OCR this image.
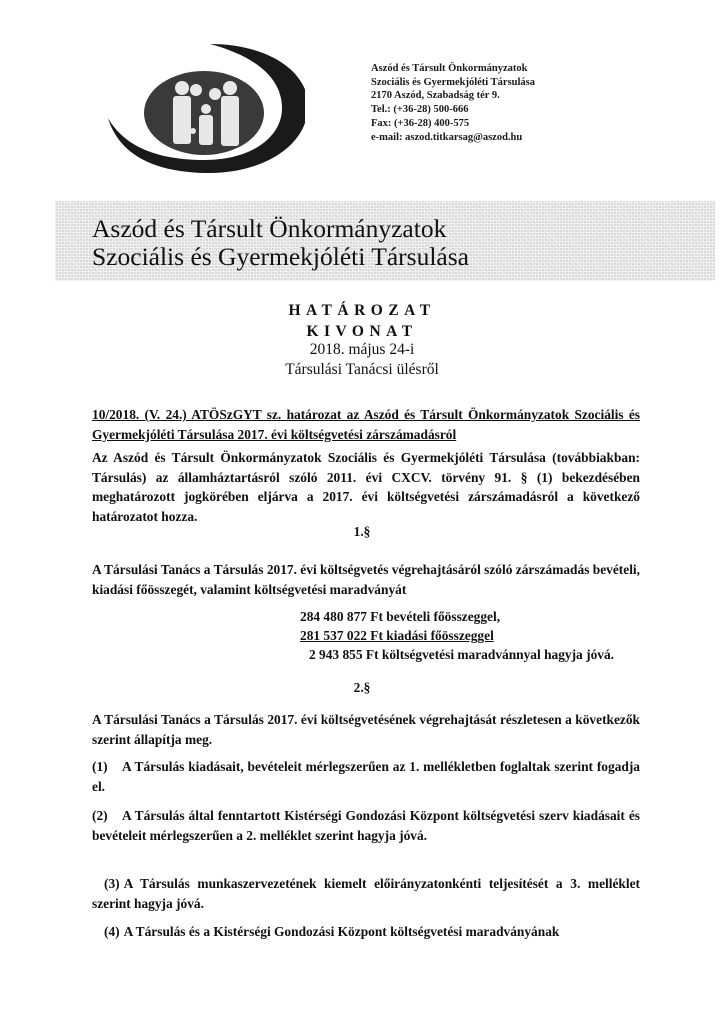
Aszód és Társult Önkormányzatok
Szociális és Gyermekjóléti Társulása
2170 Aszód, Szabadság tér 9.
Tel.: (+36-28) 500-666
Fax: (+36-28) 400-575
e-mail: aszod.titkarsag@aszod.hu
Aszód és Társult Önkormányzatok
Szociális és Gyermekjóléti Társulása
HATÁROZAT
KIVONAT
2018. május 24-i
Társulási Tanácsi ülésről
10/2018. (V. 24.) ATÖSzGYT sz. határozat az Aszód és Társult Önkormányzatok Szociális és Gyermekjóléti Társulása 2017. évi költségvetési zárszámadásról
Az Aszód és Társult Önkormányzatok Szociális és Gyermekjóléti Társulása (továbbiakban: Társulás) az államháztartásról szóló 2011. évi CXCV. törvény 91. § (1) bekezdésében meghatározott jogkörében eljárva a 2017. évi költségvetési zárszámadásról a következő határozatot hozza.
1.§
A Társulási Tanács a Társulás 2017. évi költségvetés végrehajtásáról szóló zárszámadás bevételi, kiadási főösszegét, valamint költségvetési maradványát
284 480 877 Ft bevételi főösszeggel,
281 537 022 Ft kiadási főösszeggel
2 943 855 Ft költségvetési maradvánnyal hagyja jóvá.
2.§
A Társulási Tanács a Társulás 2017. évi költségvetésének végrehajtását részletesen a következők szerint állapítja meg.
(1) A Társulás kiadásait, bevételeit mérlegszerűen az 1. mellékletben foglaltak szerint fogadja el.
(2) A Társulás által fenntartott Kistérségi Gondozási Központ költségvetési szerv kiadásait és bevételeit mérlegszerűen a 2. melléklet szerint hagyja jóvá.
(3) A Társulás munkaszervezetének kiemelt előirányzatonkénti teljesítését a 3. melléklet szerint hagyja jóvá.
(4) A Társulás és a Kistérségi Gondozási Központ költségvetési maradványának
